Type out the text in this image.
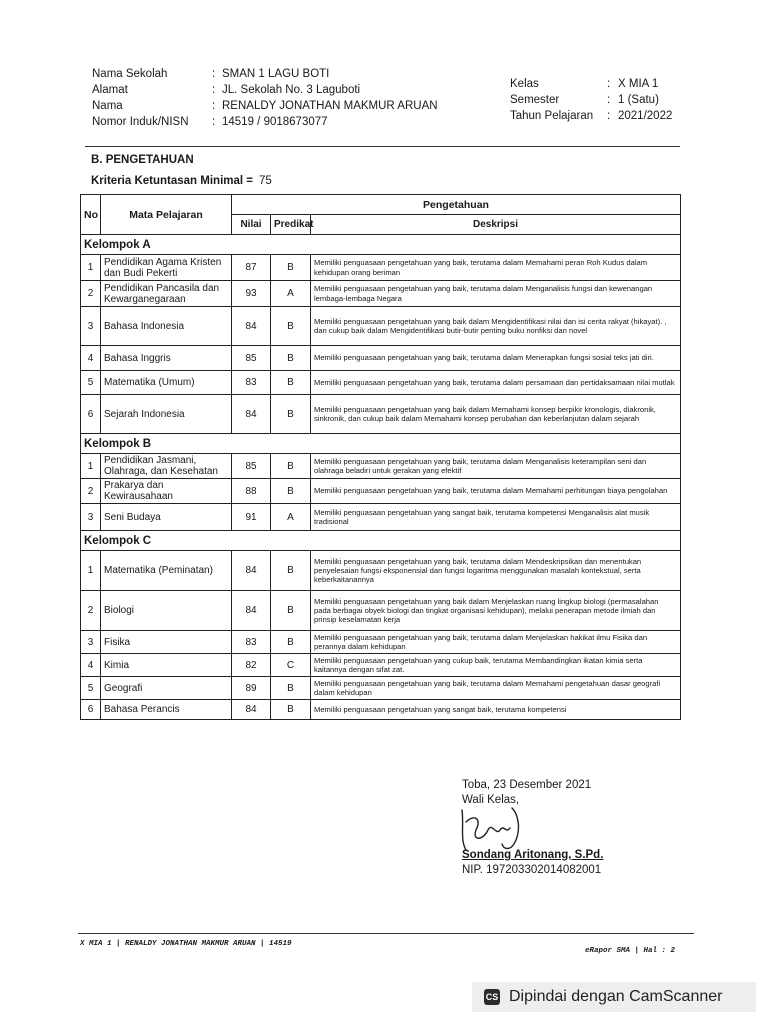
Nama Sekolah	: SMAN 1 LAGU BOTI
Alamat	: JL. Sekolah No. 3 Laguboti
Nama	: RENALDY JONATHAN MAKMUR ARUAN
Nomor Induk/NISN	: 14519 / 9018673077
Kelas	: X MIA 1
Semester	: 1 (Satu)
Tahun Pelajaran	: 2021/2022
B. PENGETAHUAN
Kriteria Ketuntasan Minimal = 75
No	Mata Pelajaran	Pengetahuan		
		Nilai	Predikat	Deskripsi
Kelompok A				
1	Pendidikan Agama Kristen dan Budi Pekerti	87	B	Memiliki penguasaan pengetahuan yang baik, terutama dalam Memahami peran Roh Kudus dalam kehidupan orang beriman
2	Pendidikan Pancasila dan Kewarganegaraan	93	A	Memiliki penguasaan pengetahuan yang baik, terutama dalam Menganalisis fungsi dan kewenangan lembaga-lembaga Negara
3	Bahasa Indonesia	84	B	Memiliki penguasaan pengetahuan yang baik dalam Mengidentifikasi nilai dan isi cerita rakyat (hikayat). , dan cukup baik dalam Mengidentifikasi butir-butir penting buku nonfiksi dan novel
4	Bahasa Inggris	85	B	Memiliki penguasaan pengetahuan yang baik, terutama dalam Menerapkan fungsi sosial teks jati diri.
5	Matematika (Umum)	83	B	Memiliki penguasaan pengetahuan yang baik, terutama dalam persamaan dan pertidaksamaan nilai mutlak
6	Sejarah Indonesia	84	B	Memiliki penguasaan pengetahuan yang baik dalam Memahami konsep berpikir kronologis, diakronik, sinkronik, dan cukup baik dalam Memahami konsep perubahan dan keberlanjutan dalam sejarah
Kelompok B				
1	Pendidikan Jasmani, Olahraga, dan Kesehatan	85	B	Memiliki penguasaan pengetahuan yang baik, terutama dalam Menganalisis keterampilan seni dan olahraga beladiri untuk gerakan yang efektif
2	Prakarya dan Kewirausahaan	88	B	Memiliki penguasaan pengetahuan yang baik, terutama dalam Memahami perhitungan biaya pengolahan
3	Seni Budaya	91	A	Memiliki penguasaan pengetahuan yang sangat baik, terutama kompetensi Menganalisis alat musik tradisional
Kelompok C				
1	Matematika (Peminatan)	84	B	Memiliki penguasaan pengetahuan yang baik, terutama dalam Mendeskripsikan dan menentukan penyelesaian fungsi eksponensial dan fungsi logaritma menggunakan masalah kontekstual, serta keberkaitanannya
2	Biologi	84	B	Memiliki penguasaan pengetahuan yang baik dalam Menjelaskan ruang lingkup biologi (permasalahan pada berbagai obyek biologi dan tingkat organisasi kehidupan), melalui penerapan metode ilmiah dan prinsip keselamatan kerja
3	Fisika	83	B	Memiliki penguasaan pengetahuan yang baik, terutama dalam Menjelaskan hakikat ilmu Fisika dan perannya dalam kehidupan
4	Kimia	82	C	Memiliki penguasaan pengetahuan yang cukup baik, terutama Membandingkan ikatan kimia serta kaitannya dengan sifat zat.
5	Geografi	89	B	Memiliki penguasaan pengetahuan yang baik, terutama dalam Memahami pengetahuan dasar geografi dalam kehidupan
6	Bahasa Perancis	84	B	Memiliki penguasaan pengetahuan yang sangat baik, terutama kompetensi
Toba, 23 Desember 2021
Wali Kelas,
Sondang Aritonang, S.Pd.
NIP. 197203302014082001
X MIA 1 | RENALDY JONATHAN MAKMUR ARUAN | 14519
eRapor SMA | Hal : 2
CS Dipindai dengan CamScanner
